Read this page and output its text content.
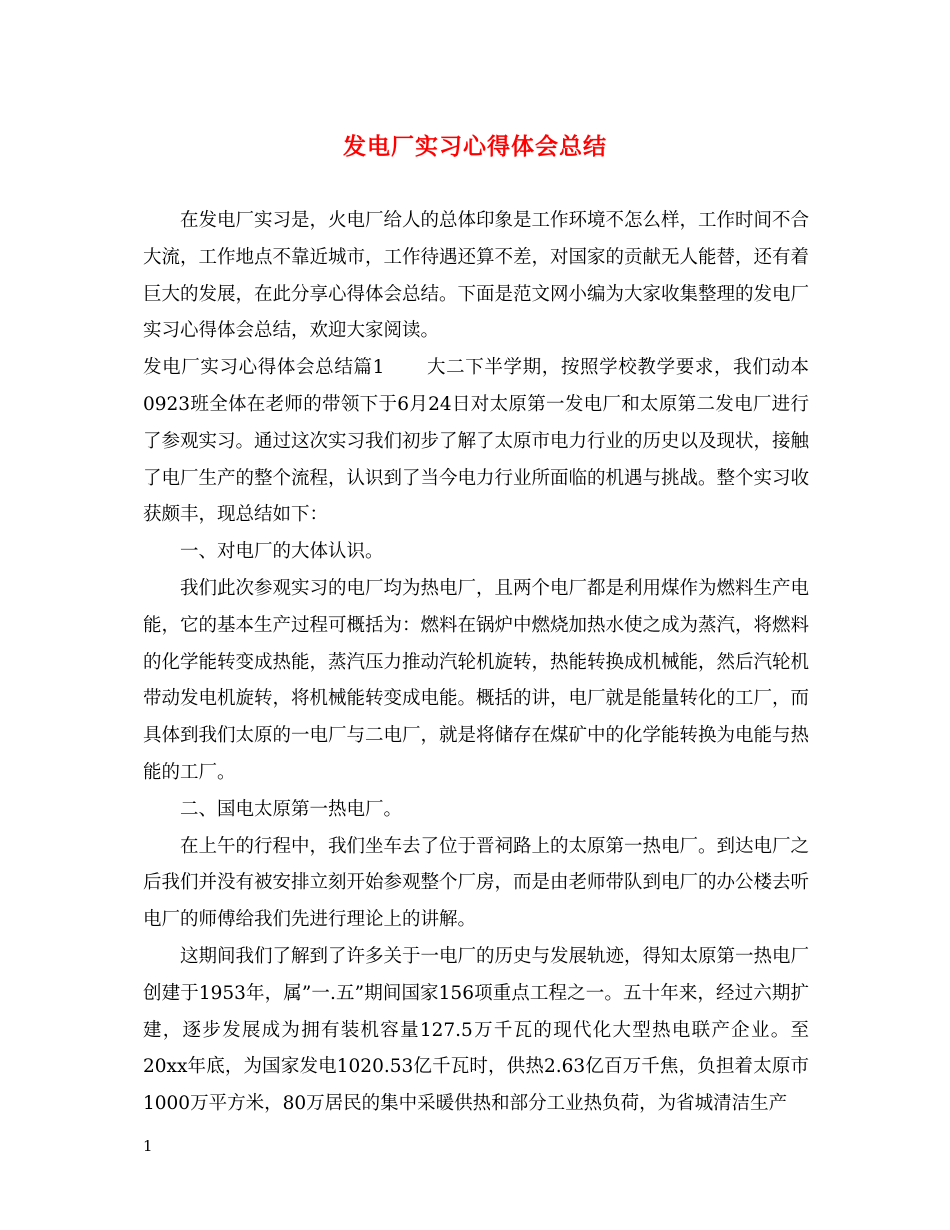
发电厂实习心得体会总结

在发电厂实习是，火电厂给人的总体印象是工作环境不怎么样，工作时间不合大流，工作地点不靠近城市，工作待遇还算不差，对国家的贡献无人能替，还有着巨大的发展，在此分享心得体会总结。下面是范文网小编为大家收集整理的发电厂实习心得体会总结，欢迎大家阅读。

发电厂实习心得体会总结篇1 大二下半学期，按照学校教学要求，我们动本0923班全体在老师的带领下于6月24日对太原第一发电厂和太原第二发电厂进行了参观实习。通过这次实习我们初步了解了太原市电力行业的历史以及现状，接触了电厂生产的整个流程，认识到了当今电力行业所面临的机遇与挑战。整个实习收获颇丰，现总结如下：

一、对电厂的大体认识。

我们此次参观实习的电厂均为热电厂，且两个电厂都是利用煤作为燃料生产电能，它的基本生产过程可概括为：燃料在锅炉中燃烧加热水使之成为蒸汽，将燃料的化学能转变成热能，蒸汽压力推动汽轮机旋转，热能转换成机械能，然后汽轮机带动发电机旋转，将机械能转变成电能。概括的讲，电厂就是能量转化的工厂，而具体到我们太原的一电厂与二电厂，就是将储存在煤矿中的化学能转换为电能与热能的工厂。

二、国电太原第一热电厂。

在上午的行程中，我们坐车去了位于晋祠路上的太原第一热电厂。到达电厂之后我们并没有被安排立刻开始参观整个厂房，而是由老师带队到电厂的办公楼去听电厂的师傅给我们先进行理论上的讲解。

这期间我们了解到了许多关于一电厂的历史与发展轨迹，得知太原第一热电厂创建于1953年，属”一.五”期间国家156项重点工程之一。五十年来，经过六期扩建，逐步发展成为拥有装机容量127.5万千瓦的现代化大型热电联产企业。至20xx年底，为国家发电1020.53亿千瓦时，供热2.63亿百万千焦，负担着太原市1000万平方米，80万居民的集中采暖供热和部分工业热负荷，为省城清洁生产

1
